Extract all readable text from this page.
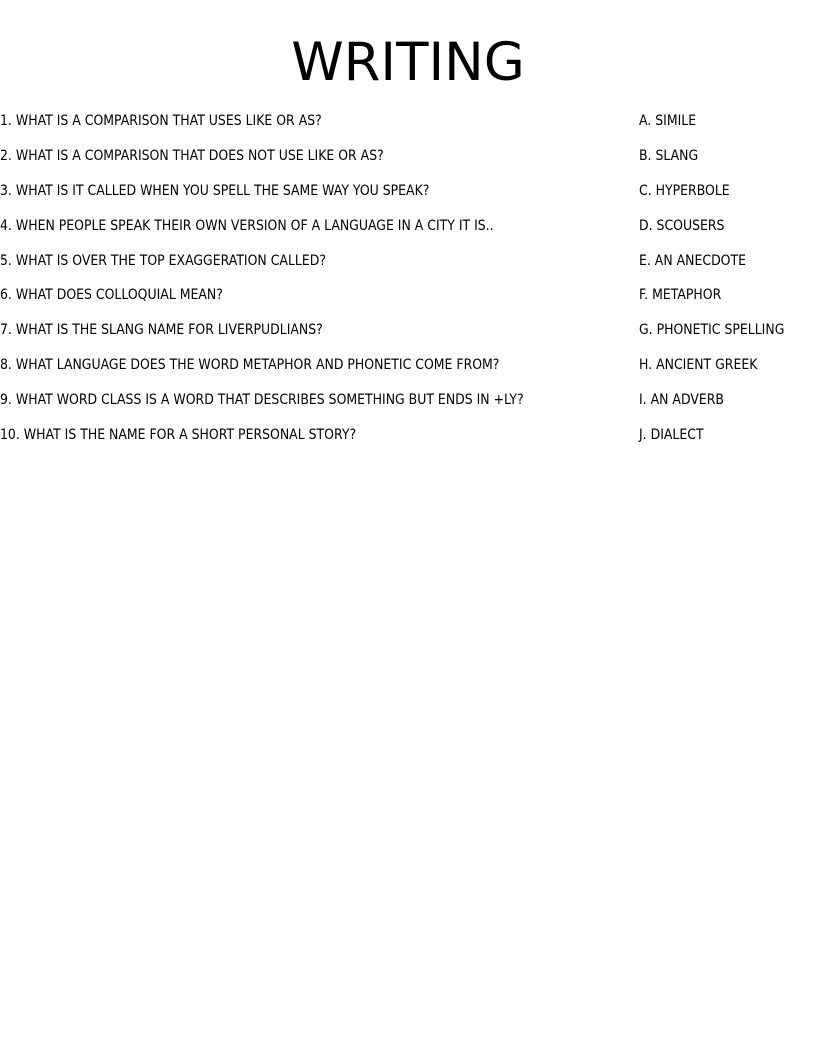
WRITING
1. WHAT IS A COMPARISON THAT USES LIKE OR AS?	A. SIMILE
2. WHAT IS A COMPARISON THAT DOES NOT USE LIKE OR AS?	B. SLANG
3. WHAT IS IT CALLED WHEN YOU SPELL THE SAME WAY YOU SPEAK?	C. HYPERBOLE
4. WHEN PEOPLE SPEAK THEIR OWN VERSION OF A LANGUAGE IN A CITY IT IS..	D. SCOUSERS
5. WHAT IS OVER THE TOP EXAGGERATION CALLED?	E. AN ANECDOTE
6. WHAT DOES COLLOQUIAL MEAN?	F. METAPHOR
7. WHAT IS THE SLANG NAME FOR LIVERPUDLIANS?	G. PHONETIC SPELLING
8. WHAT LANGUAGE DOES THE WORD METAPHOR AND PHONETIC COME FROM?	H. ANCIENT GREEK
9. WHAT WORD CLASS IS A WORD THAT DESCRIBES SOMETHING BUT ENDS IN +LY?	I. AN ADVERB
10. WHAT IS THE NAME FOR A SHORT PERSONAL STORY?	J. DIALECT
